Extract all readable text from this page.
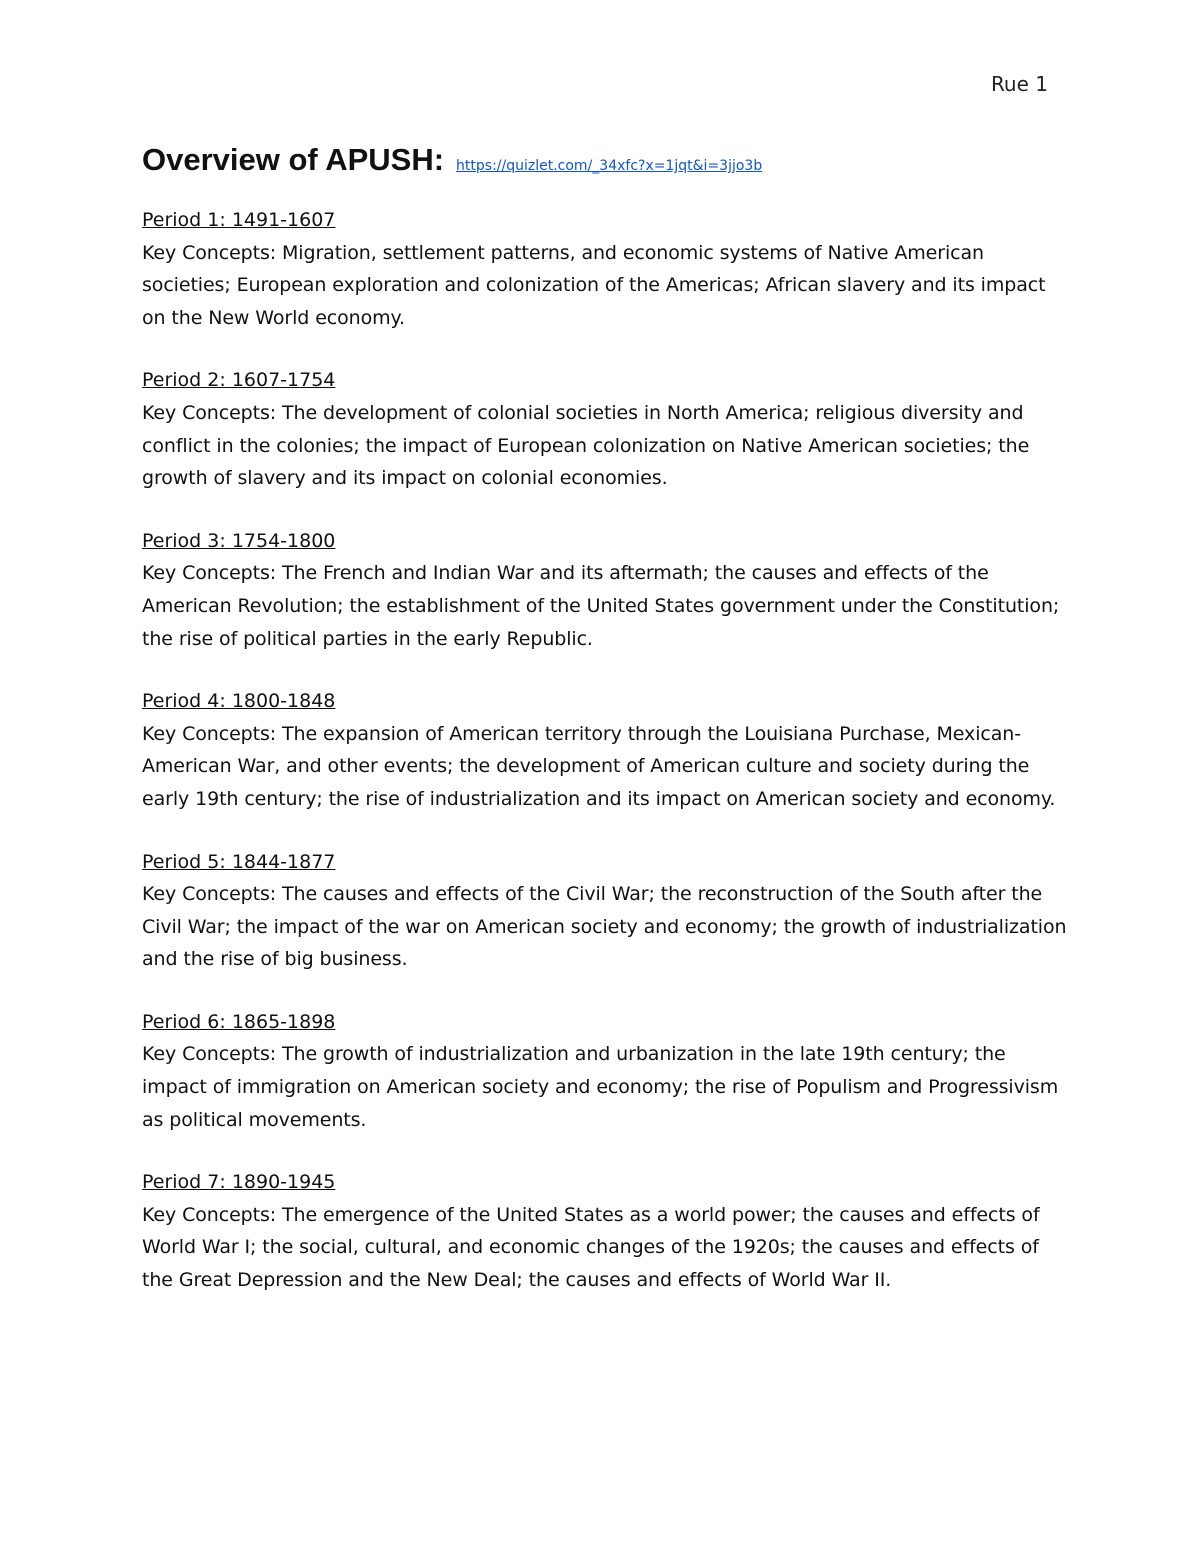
Rue 1
Overview of APUSH: https://quizlet.com/_34xfc?x=1jqt&i=3jjo3b
Period 1: 1491-1607

Key Concepts: Migration, settlement patterns, and economic systems of Native American societies; European exploration and colonization of the Americas; African slavery and its impact on the New World economy.

Period 2: 1607-1754

Key Concepts: The development of colonial societies in North America; religious diversity and conflict in the colonies; the impact of European colonization on Native American societies; the growth of slavery and its impact on colonial economies.

Period 3: 1754-1800

Key Concepts: The French and Indian War and its aftermath; the causes and effects of the American Revolution; the establishment of the United States government under the Constitution; the rise of political parties in the early Republic.

Period 4: 1800-1848

Key Concepts: The expansion of American territory through the Louisiana Purchase, Mexican-American War, and other events; the development of American culture and society during the early 19th century; the rise of industrialization and its impact on American society and economy.

Period 5: 1844-1877

Key Concepts: The causes and effects of the Civil War; the reconstruction of the South after the Civil War; the impact of the war on American society and economy; the growth of industrialization and the rise of big business.

Period 6: 1865-1898

Key Concepts: The growth of industrialization and urbanization in the late 19th century; the impact of immigration on American society and economy; the rise of Populism and Progressivism as political movements.

Period 7: 1890-1945

Key Concepts: The emergence of the United States as a world power; the causes and effects of World War I; the social, cultural, and economic changes of the 1920s; the causes and effects of the Great Depression and the New Deal; the causes and effects of World War II.
